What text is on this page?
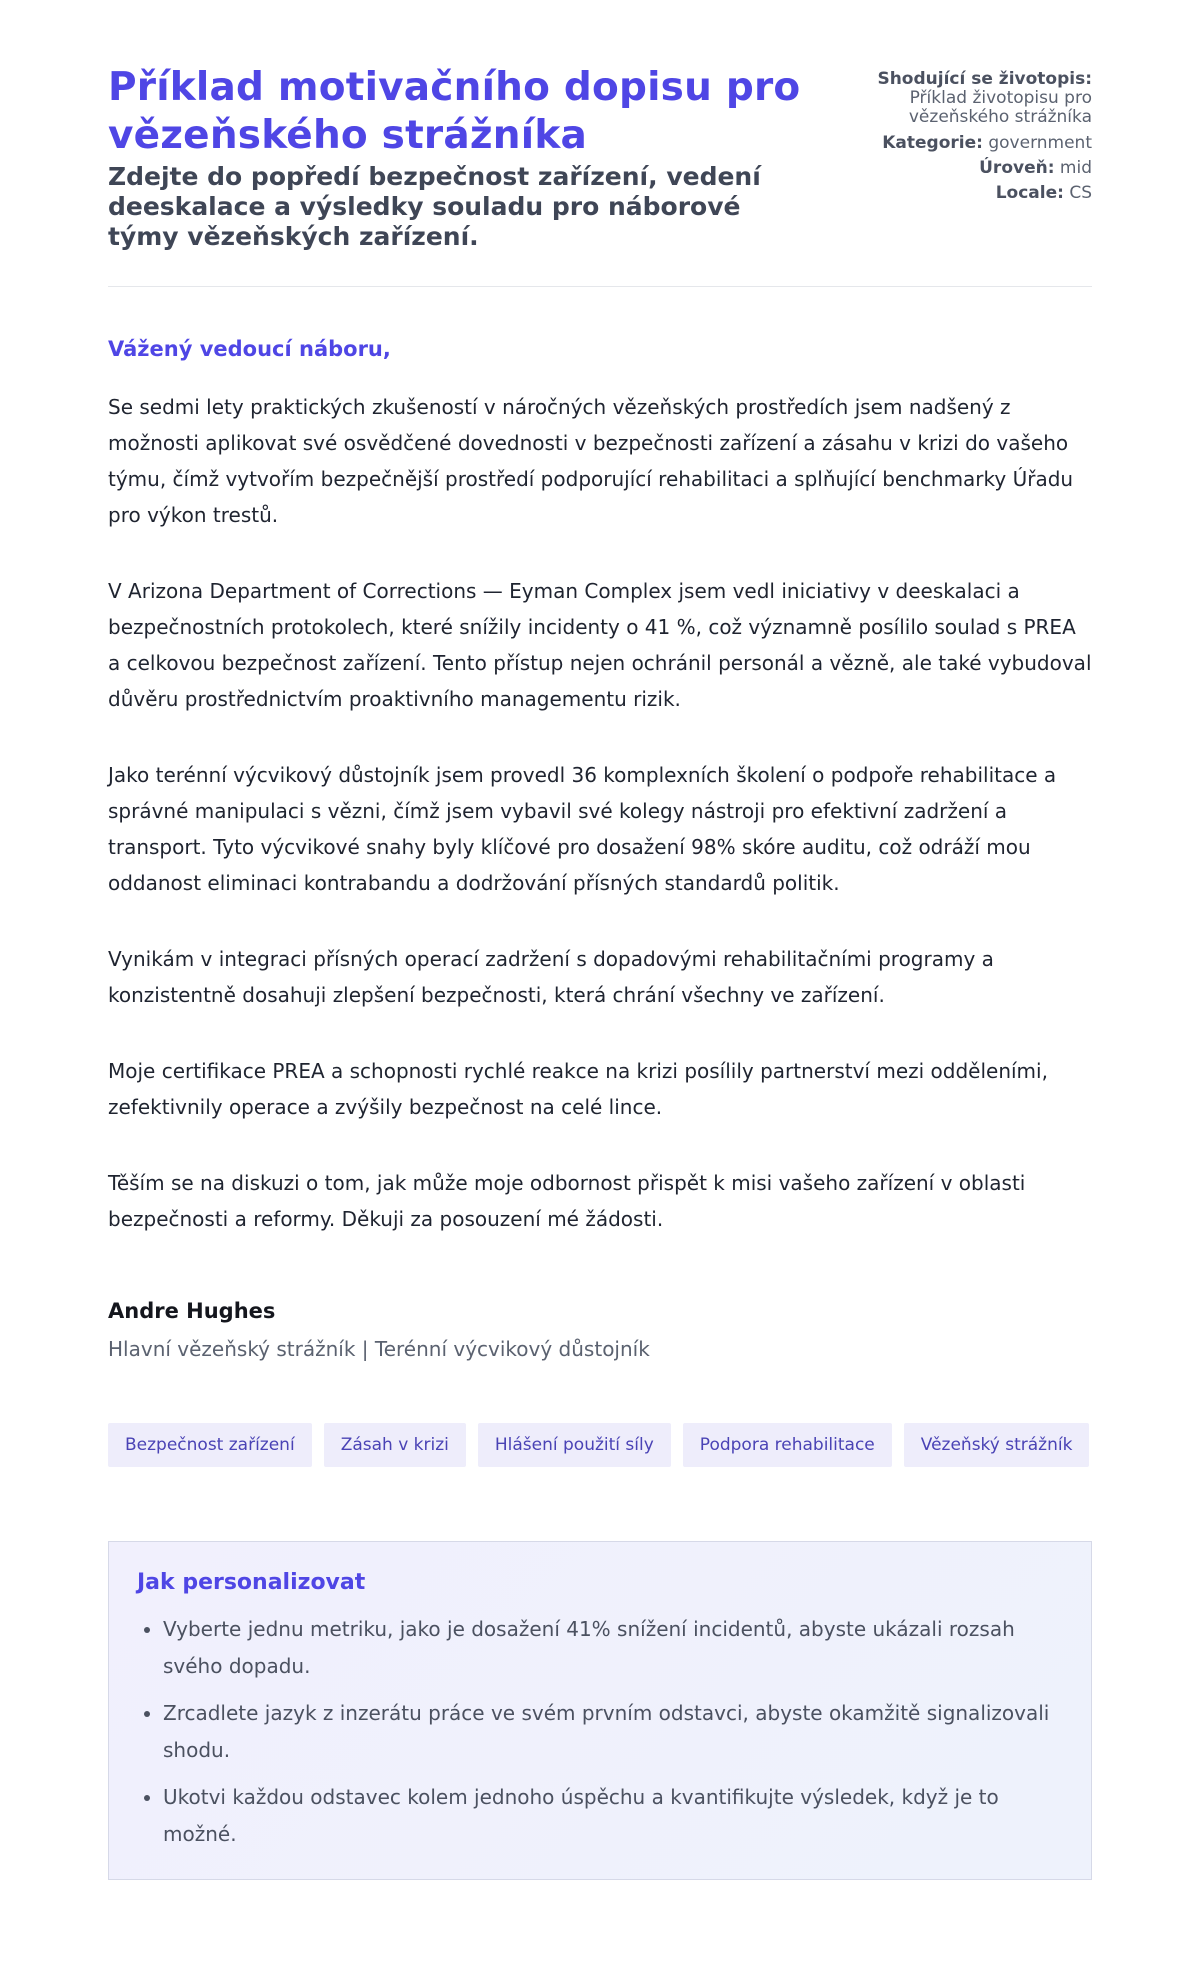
Příklad motivačního dopisu pro vězeňského strážníka
Zdejte do popředí bezpečnost zařízení, vedení deeskalace a výsledky souladu pro náborové týmy vězeňských zařízení.
Shodující se životopis:
Příklad životopisu pro vězeňského strážníka
Kategorie: government
Úroveň: mid
Locale: CS
Vážený vedoucí náboru,

Se sedmi lety praktických zkušeností v náročných vězeňských prostředích jsem nadšený z možnosti aplikovat své osvědčené dovednosti v bezpečnosti zařízení a zásahu v krizi do vašeho týmu, čímž vytvořím bezpečnější prostředí podporující rehabilitaci a splňující benchmarky Úřadu pro výkon trestů.

V Arizona Department of Corrections — Eyman Complex jsem vedl iniciativy v deeskalaci a bezpečnostních protokolech, které snížily incidenty o 41 %, což významně posílilo soulad s PREA a celkovou bezpečnost zařízení. Tento přístup nejen ochránil personál a vězně, ale také vybudoval důvěru prostřednictvím proaktivního managementu rizik.

Jako terénní výcvikový důstojník jsem provedl 36 komplexních školení o podpoře rehabilitace a správné manipulaci s vězni, čímž jsem vybavil své kolegy nástroji pro efektivní zadržení a transport. Tyto výcvikové snahy byly klíčové pro dosažení 98% skóre auditu, což odráží mou oddanost eliminaci kontrabandu a dodržování přísných standardů politik.

Vynikám v integraci přísných operací zadržení s dopadovými rehabilitačními programy a konzistentně dosahuji zlepšení bezpečnosti, která chrání všechny ve zařízení.

Moje certifikace PREA a schopnosti rychlé reakce na krizi posílily partnerství mezi odděleními, zefektivnily operace a zvýšily bezpečnost na celé lince.

Těším se na diskuzi o tom, jak může moje odbornost přispět k misi vašeho zařízení v oblasti bezpečnosti a reformy. Děkuji za posouzení mé žádosti.

Andre Hughes
Hlavní vězeňský strážník | Terénní výcvikový důstojník
Bezpečnost zařízení	Zásah v krizi	Hlášení použití síly	Podpora rehabilitace	Vězeňský strážník
Jak personalizovat
• Vyberte jednu metriku, jako je dosažení 41% snížení incidentů, abyste ukázali rozsah svého dopadu.
• Zrcadlete jazyk z inzerátu práce ve svém prvním odstavci, abyste okamžitě signalizovali shodu.
• Ukotvi každou odstavec kolem jednoho úspěchu a kvantifikujte výsledek, když je to možné.
